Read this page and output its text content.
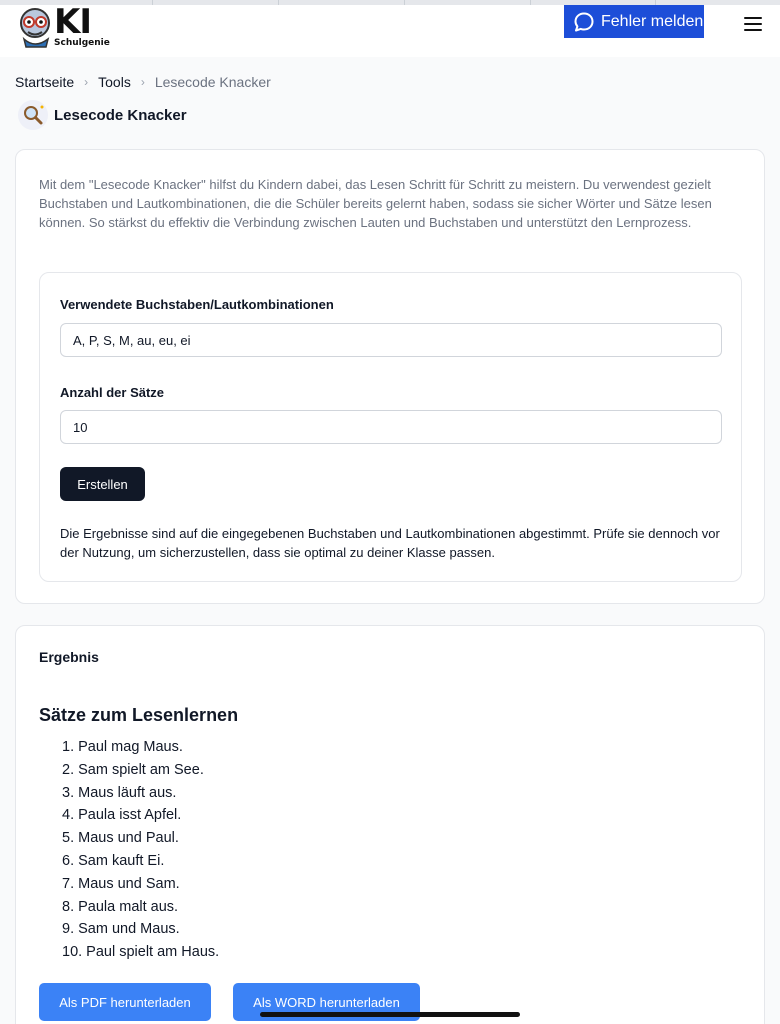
KI
Schulgenie
Fehler melden
Startseite › Tools › Lesecode Knacker
Lesecode Knacker

Mit dem "Lesecode Knacker" hilfst du Kindern dabei, das Lesen Schritt für Schritt zu meistern. Du verwendest gezielt Buchstaben und Lautkombinationen, die die Schüler bereits gelernt haben, sodass sie sicher Wörter und Sätze lesen können. So stärkst du effektiv die Verbindung zwischen Lauten und Buchstaben und unterstützt den Lernprozess.

Verwendete Buchstaben/Lautkombinationen
A, P, S, M, au, eu, ei
Anzahl der Sätze
10
Erstellen

Die Ergebnisse sind auf die eingegebenen Buchstaben und Lautkombinationen abgestimmt. Prüfe sie dennoch vor der Nutzung, um sicherzustellen, dass sie optimal zu deiner Klasse passen.

Ergebnis
Sätze zum Lesenlernen
1. Paul mag Maus.
2. Sam spielt am See.
3. Maus läuft aus.
4. Paula isst Apfel.
5. Maus und Paul.
6. Sam kauft Ei.
7. Maus und Sam.
8. Paula malt aus.
9. Sam und Maus.
10. Paul spielt am Haus.
Als PDF herunterladen	Als WORD herunterladen
